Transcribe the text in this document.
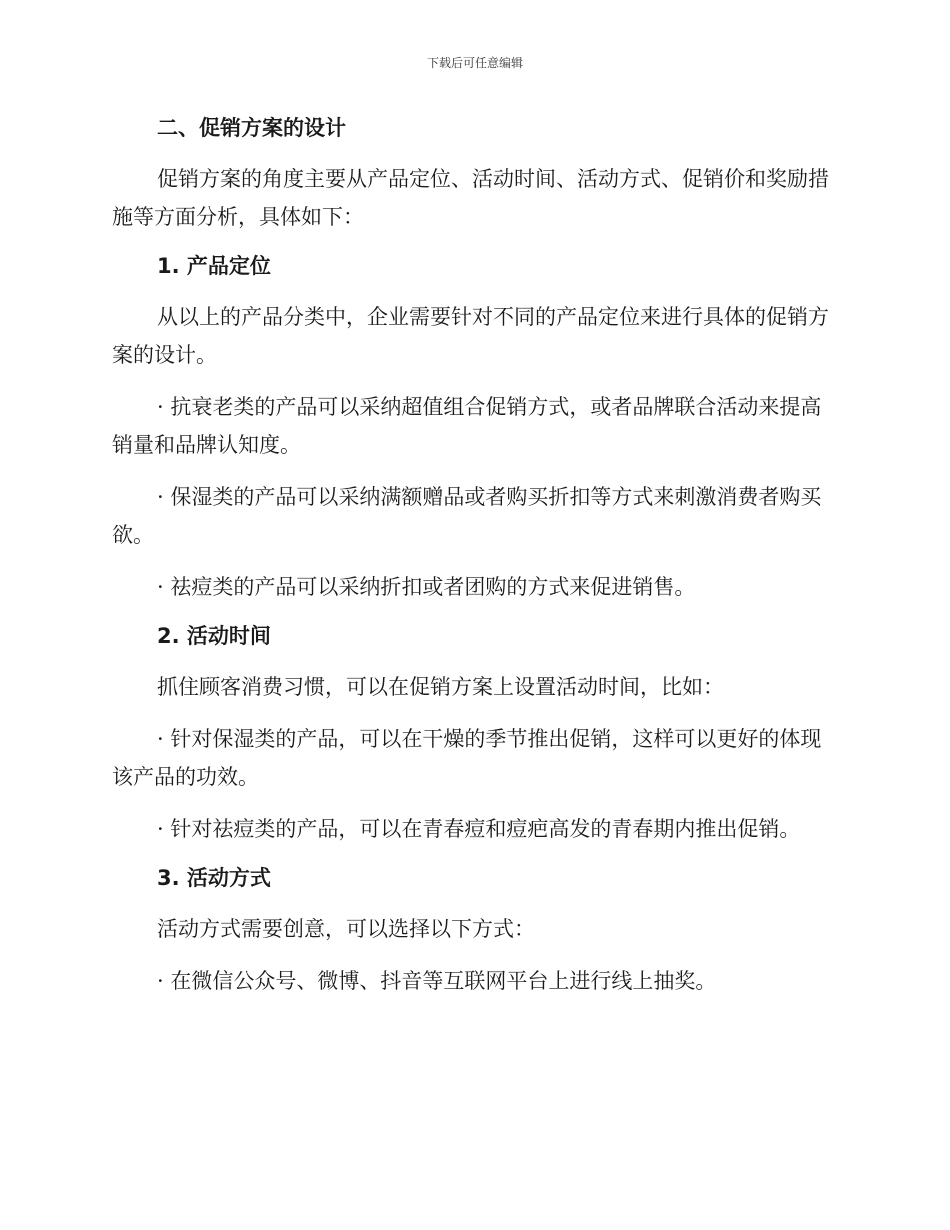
下载后可任意编辑
二、促销方案的设计

促销方案的角度主要从产品定位、活动时间、活动方式、促销价和奖励措施等方面分析，具体如下：

1. 产品定位

从以上的产品分类中，企业需要针对不同的产品定位来进行具体的促销方案的设计。

· 抗衰老类的产品可以采纳超值组合促销方式，或者品牌联合活动来提高销量和品牌认知度。

· 保湿类的产品可以采纳满额赠品或者购买折扣等方式来刺激消费者购买欲。

· 祛痘类的产品可以采纳折扣或者团购的方式来促进销售。

2. 活动时间

抓住顾客消费习惯，可以在促销方案上设置活动时间，比如：

· 针对保湿类的产品，可以在干燥的季节推出促销，这样可以更好的体现该产品的功效。

· 针对祛痘类的产品，可以在青春痘和痘疤高发的青春期内推出促销。

3. 活动方式

活动方式需要创意，可以选择以下方式：

· 在微信公众号、微博、抖音等互联网平台上进行线上抽奖。
